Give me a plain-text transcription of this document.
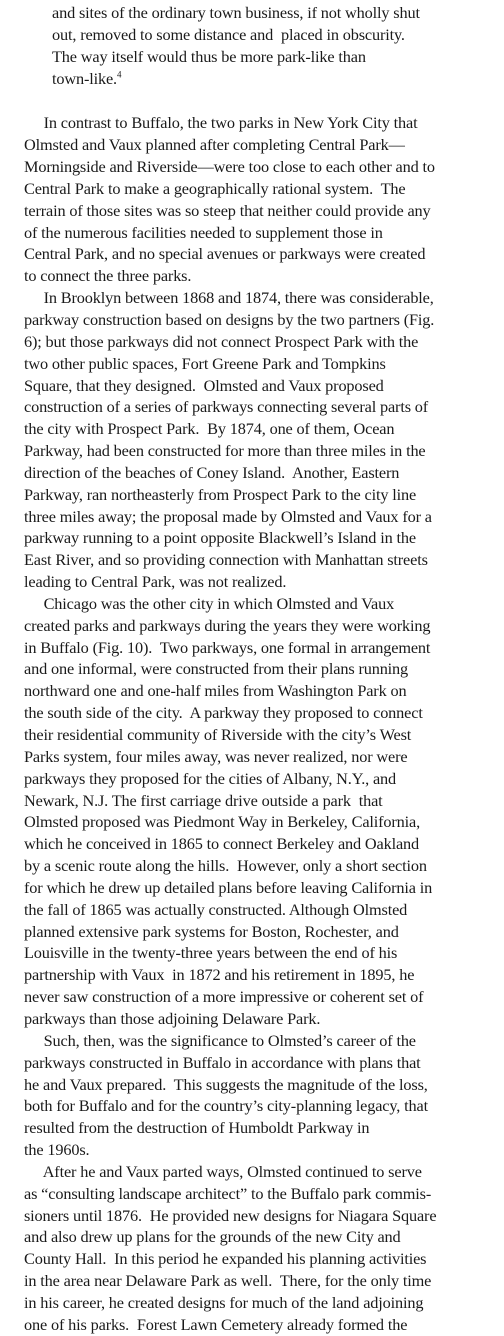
and sites of the ordinary town business, if not wholly shut
out, removed to some distance and  placed in obscurity.
The way itself would thus be more park-like than
town-like.$^4$
In contrast to Buffalo, the two parks in New York City that
Olmsted and Vaux planned after completing Central Park—
Morningside and Riverside—were too close to each other and to
Central Park to make a geographically rational system.  The
terrain of those sites was so steep that neither could provide any
of the numerous facilities needed to supplement those in
Central Park, and no special avenues or parkways were created
to connect the three parks.
In Brooklyn between 1868 and 1874, there was considerable,
parkway construction based on designs by the two partners (Fig.
6); but those parkways did not connect Prospect Park with the
two other public spaces, Fort Greene Park and Tompkins
Square, that they designed.  Olmsted and Vaux proposed
construction of a series of parkways connecting several parts of
the city with Prospect Park.  By 1874, one of them, Ocean
Parkway, had been constructed for more than three miles in the
direction of the beaches of Coney Island.  Another, Eastern
Parkway, ran northeasterly from Prospect Park to the city line
three miles away; the proposal made by Olmsted and Vaux for a
parkway running to a point opposite Blackwell’s Island in the
East River, and so providing connection with Manhattan streets
leading to Central Park, was not realized.
Chicago was the other city in which Olmsted and Vaux
created parks and parkways during the years they were working
in Buffalo (Fig. 10).  Two parkways, one formal in arrangement
and one informal, were constructed from their plans running
northward one and one-half miles from Washington Park on
the south side of the city.  A parkway they proposed to connect
their residential community of Riverside with the city’s West
Parks system, four miles away, was never realized, nor were
parkways they proposed for the cities of Albany, N.Y., and
Newark, N.J. The first carriage drive outside a park  that
Olmsted proposed was Piedmont Way in Berkeley, California,
which he conceived in 1865 to connect Berkeley and Oakland
by a scenic route along the hills.  However, only a short section
for which he drew up detailed plans before leaving California in
the fall of 1865 was actually constructed. Although Olmsted
planned extensive park systems for Boston, Rochester, and
Louisville in the twenty-three years between the end of his
partnership with Vaux  in 1872 and his retirement in 1895, he
never saw construction of a more impressive or coherent set of
parkways than those adjoining Delaware Park.
Such, then, was the significance to Olmsted’s career of the
parkways constructed in Buffalo in accordance with plans that
he and Vaux prepared.  This suggests the magnitude of the loss,
both for Buffalo and for the country’s city-planning legacy, that
resulted from the destruction of Humboldt Parkway in
the 1960s.
After he and Vaux parted ways, Olmsted continued to serve
as “consulting landscape architect” to the Buffalo park commis-
sioners until 1876.  He provided new designs for Niagara Square
and also drew up plans for the grounds of the new City and
County Hall.  In this period he expanded his planning activities
in the area near Delaware Park as well.  There, for the only time
in his career, he created designs for much of the land adjoining
one of his parks.  Forest Lawn Cemetery already formed the
